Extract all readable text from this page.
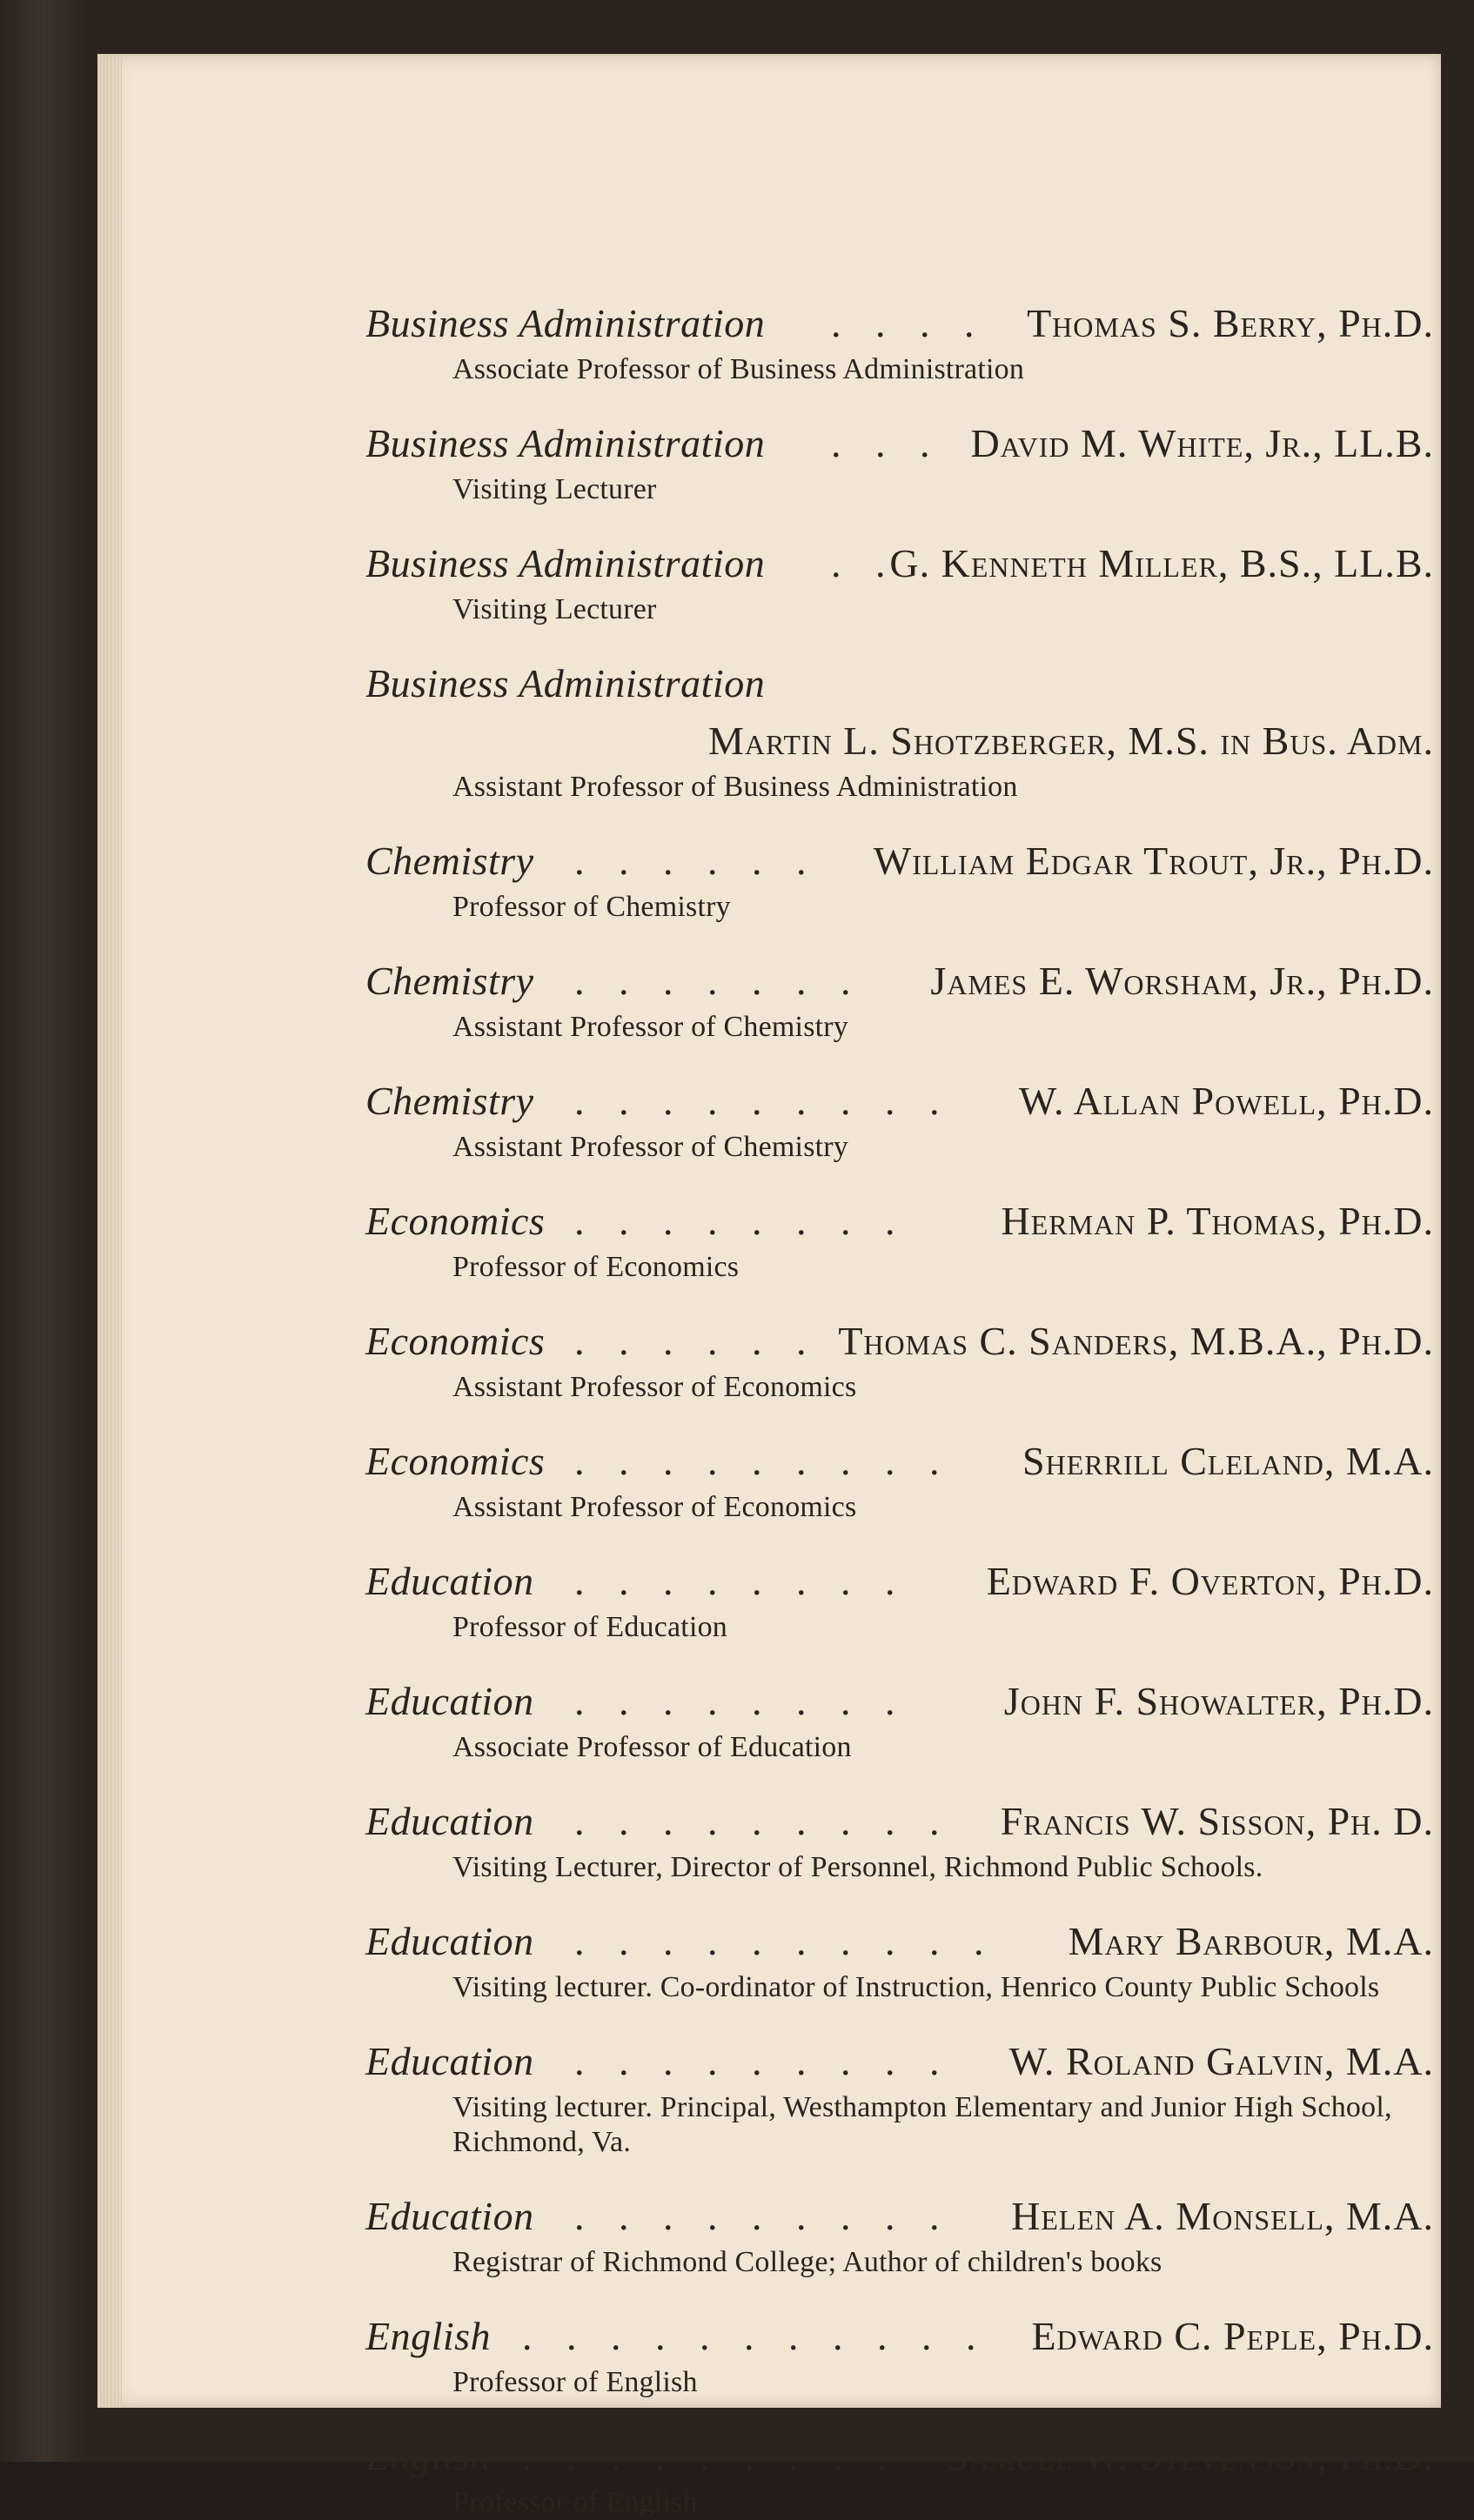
Business Administration . . . . Thomas S. Berry, Ph.D.
Associate Professor of Business Administration
Business Administration . . . David M. White, Jr., LL.B.
Visiting Lecturer
Business Administration . .
G. Kenneth Miller, B.S., LL.B.
Visiting Lecturer
Business Administration
Martin L. Shotzberger, M.S. in Bus. Adm.
Assistant Professor of Business Administration
Chemistry . . . . . . William Edgar Trout, Jr., Ph.D.
Professor of Chemistry
Chemistry . . . . . . . James E. Worsham, Jr., Ph.D.
Assistant Professor of Chemistry
Chemistry . . . . . . . . . W. Allan Powell, Ph.D.
Assistant Professor of Chemistry
Economics . . . . . . . . Herman P. Thomas, Ph.D.
Professor of Economics
Economics . . . . . . Thomas C. Sanders, M.B.A., Ph.D.
Assistant Professor of Economics
Economics . . . . . . . . . Sherrill Cleland, M.A.
Assistant Professor of Economics
Education . . . . . . . . Edward F. Overton, Ph.D.
Professor of Education
Education . . . . . . . . John F. Showalter, Ph.D.
Associate Professor of Education
Education . . . . . . . . . Francis W. Sisson, Ph. D.
Visiting Lecturer, Director of Personnel, Richmond Public Schools.
Education . . . . . . . . . . Mary Barbour, M.A.
Visiting lecturer. Co-ordinator of Instruction, Henrico County Public Schools
Education . . . . . . . . . W. Roland Galvin, M.A.
Visiting lecturer. Principal, Westhampton Elementary and Junior High School, Richmond, Va.
Education . . . . . . . . . Helen A. Monsell, M.A.
Registrar of Richmond College; Author of children's books
English . . . . . . . . . . . Edward C. Peple, Ph.D.
Professor of English
English . . . . . . . . . Samuel W. Stevenson, Ph.D.
Professor of English
